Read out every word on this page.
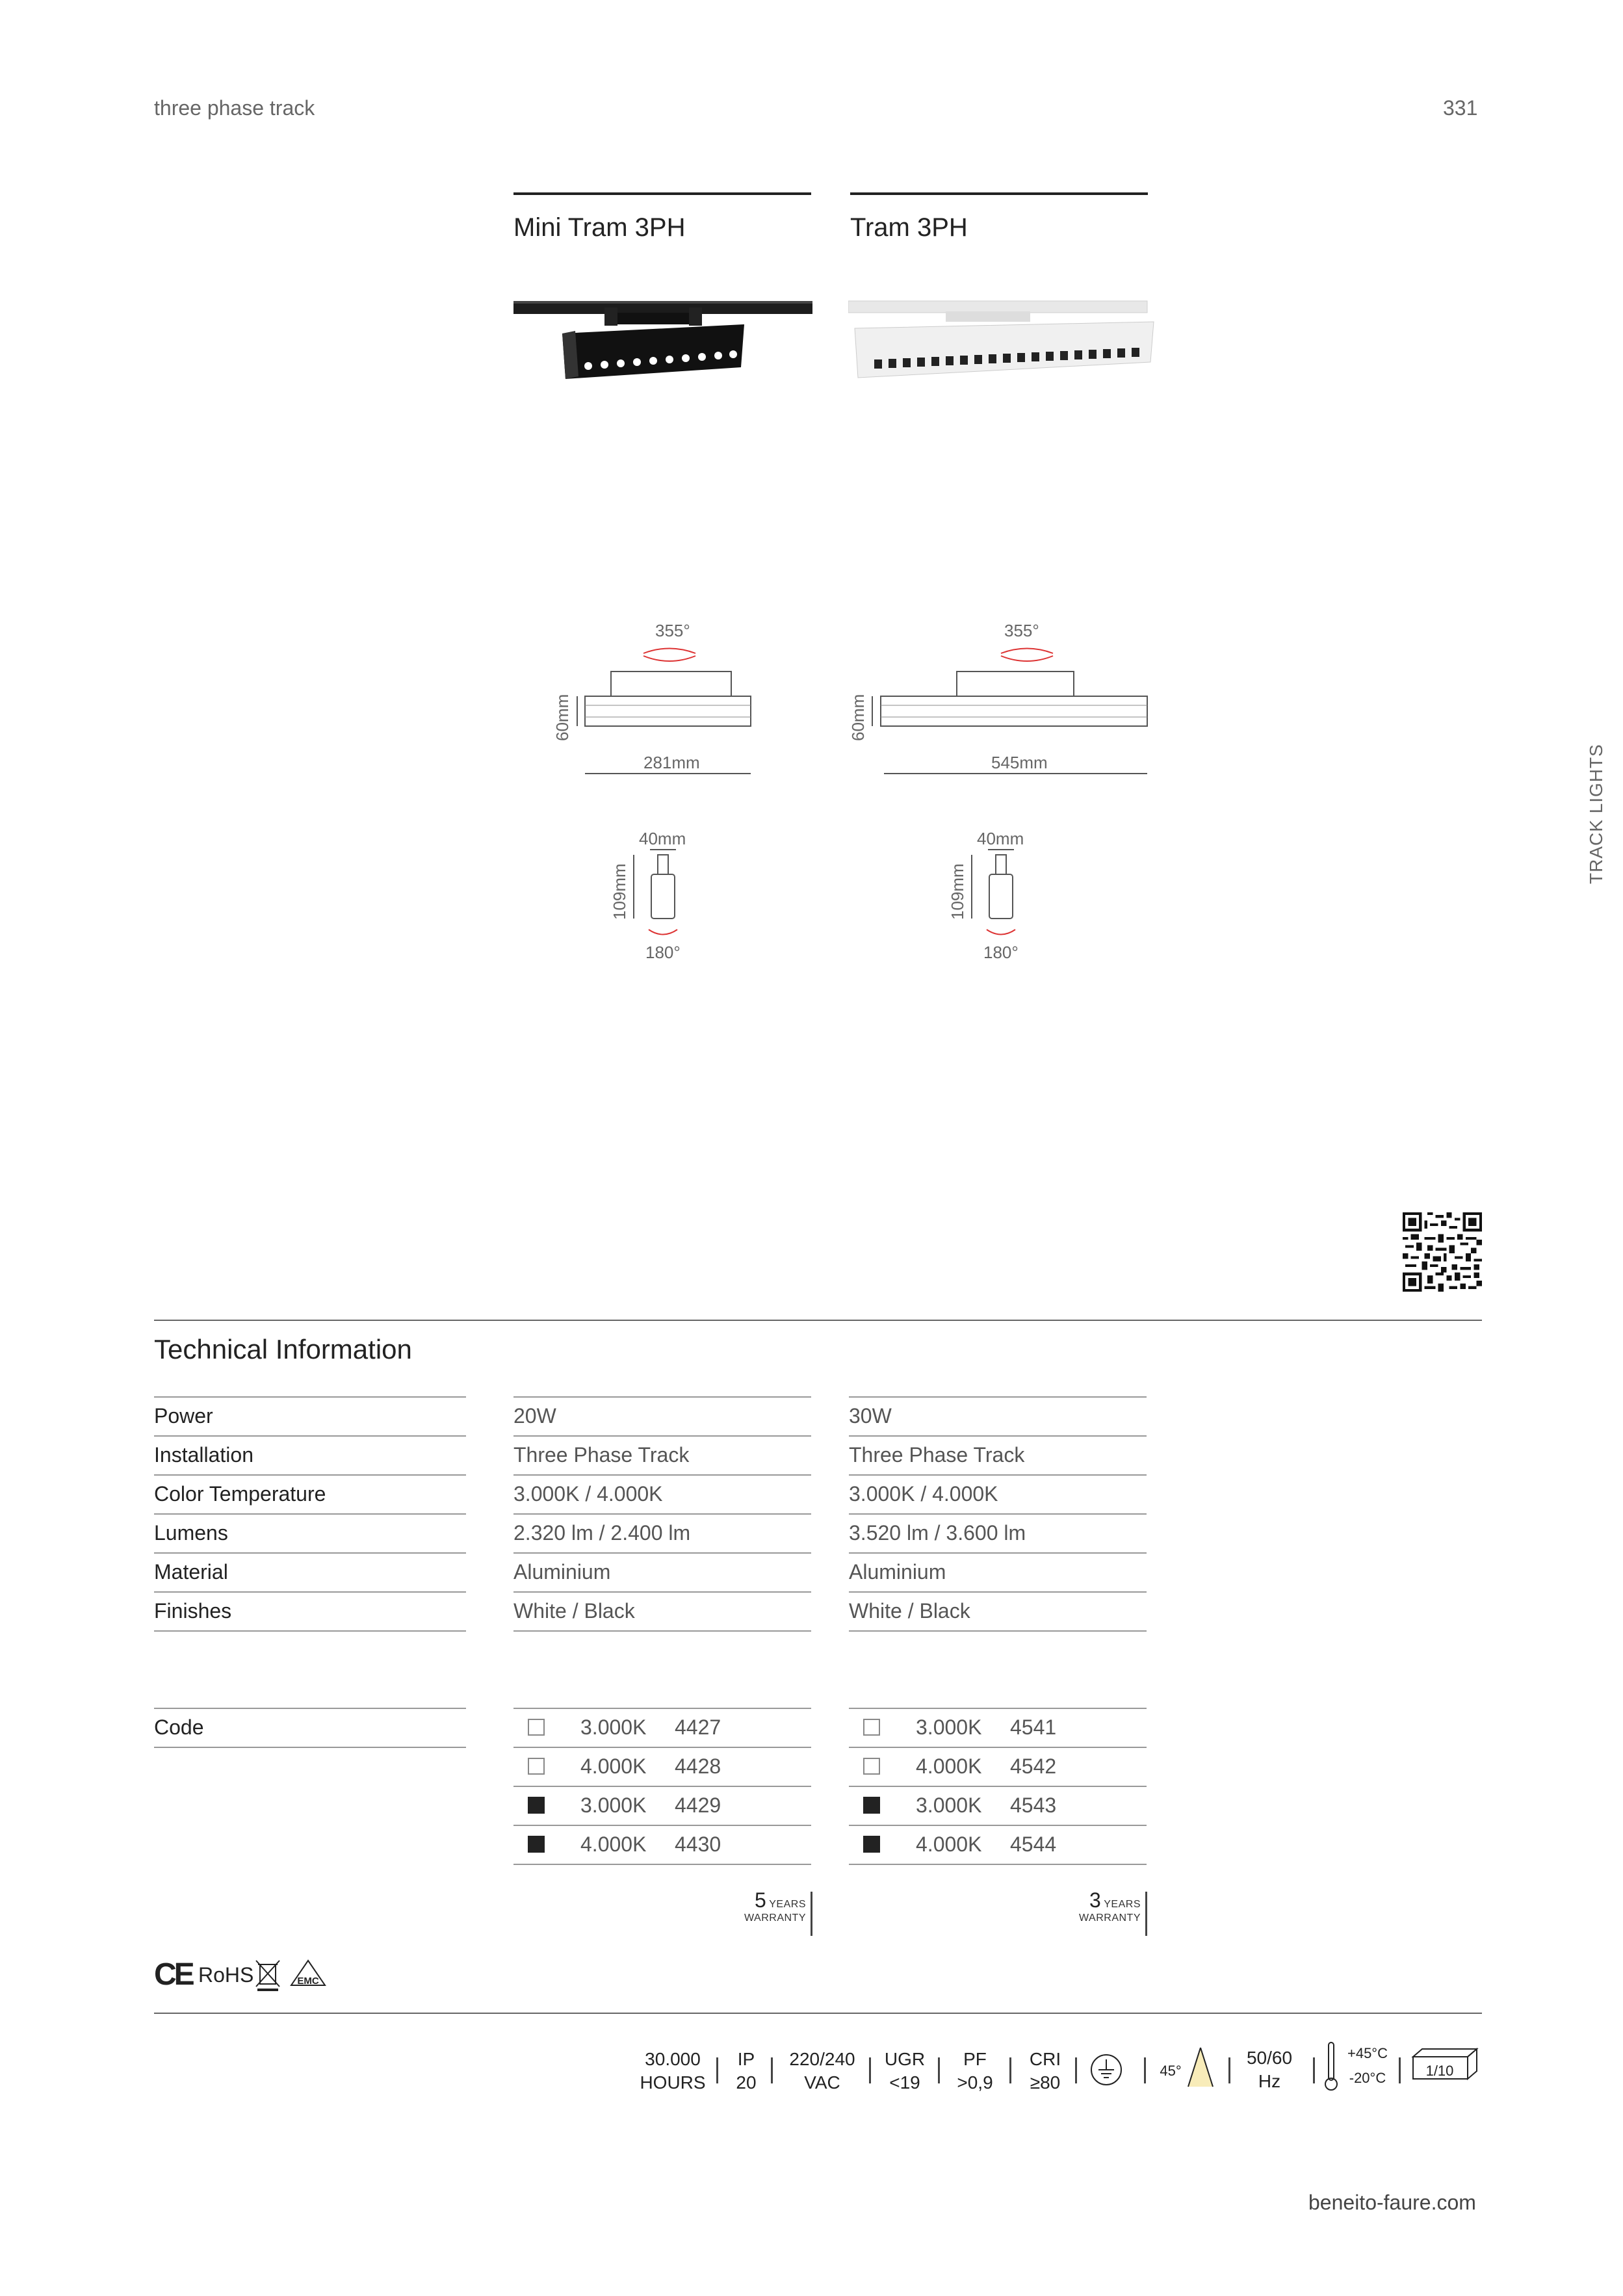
three phase track	331
TRACK LIGHTS
Mini Tram 3PH	Tram 3PH
355°
60mm
281mm
355°
60mm
545mm
40mm
109mm
180°
40mm
109mm
180°
Technical Information
Power	20W	30W
Installation	Three Phase Track	Three Phase Track
Color Temperature	3.000K / 4.000K	3.000K / 4.000K
Lumens	2.320 lm / 2.400 lm	3.520 lm / 3.600 lm
Material	Aluminium	Aluminium
Finishes	White / Black	White / Black
Code	3.000K 4427	3.000K 4541
4.000K 4428	4.000K 4542
3.000K 4429	3.000K 4543
4.000K 4430	4.000K 4544
5 YEARS
WARRANTY
3 YEARS
WARRANTY
CE RoHS	EMC
30.000
HOURS
IP
20
220/240
VAC
UGR
<19
PF
>0,9
CRI
≥80
45°
50/60
Hz
+45°C
-20°C	1/10
beneito-faure.com
